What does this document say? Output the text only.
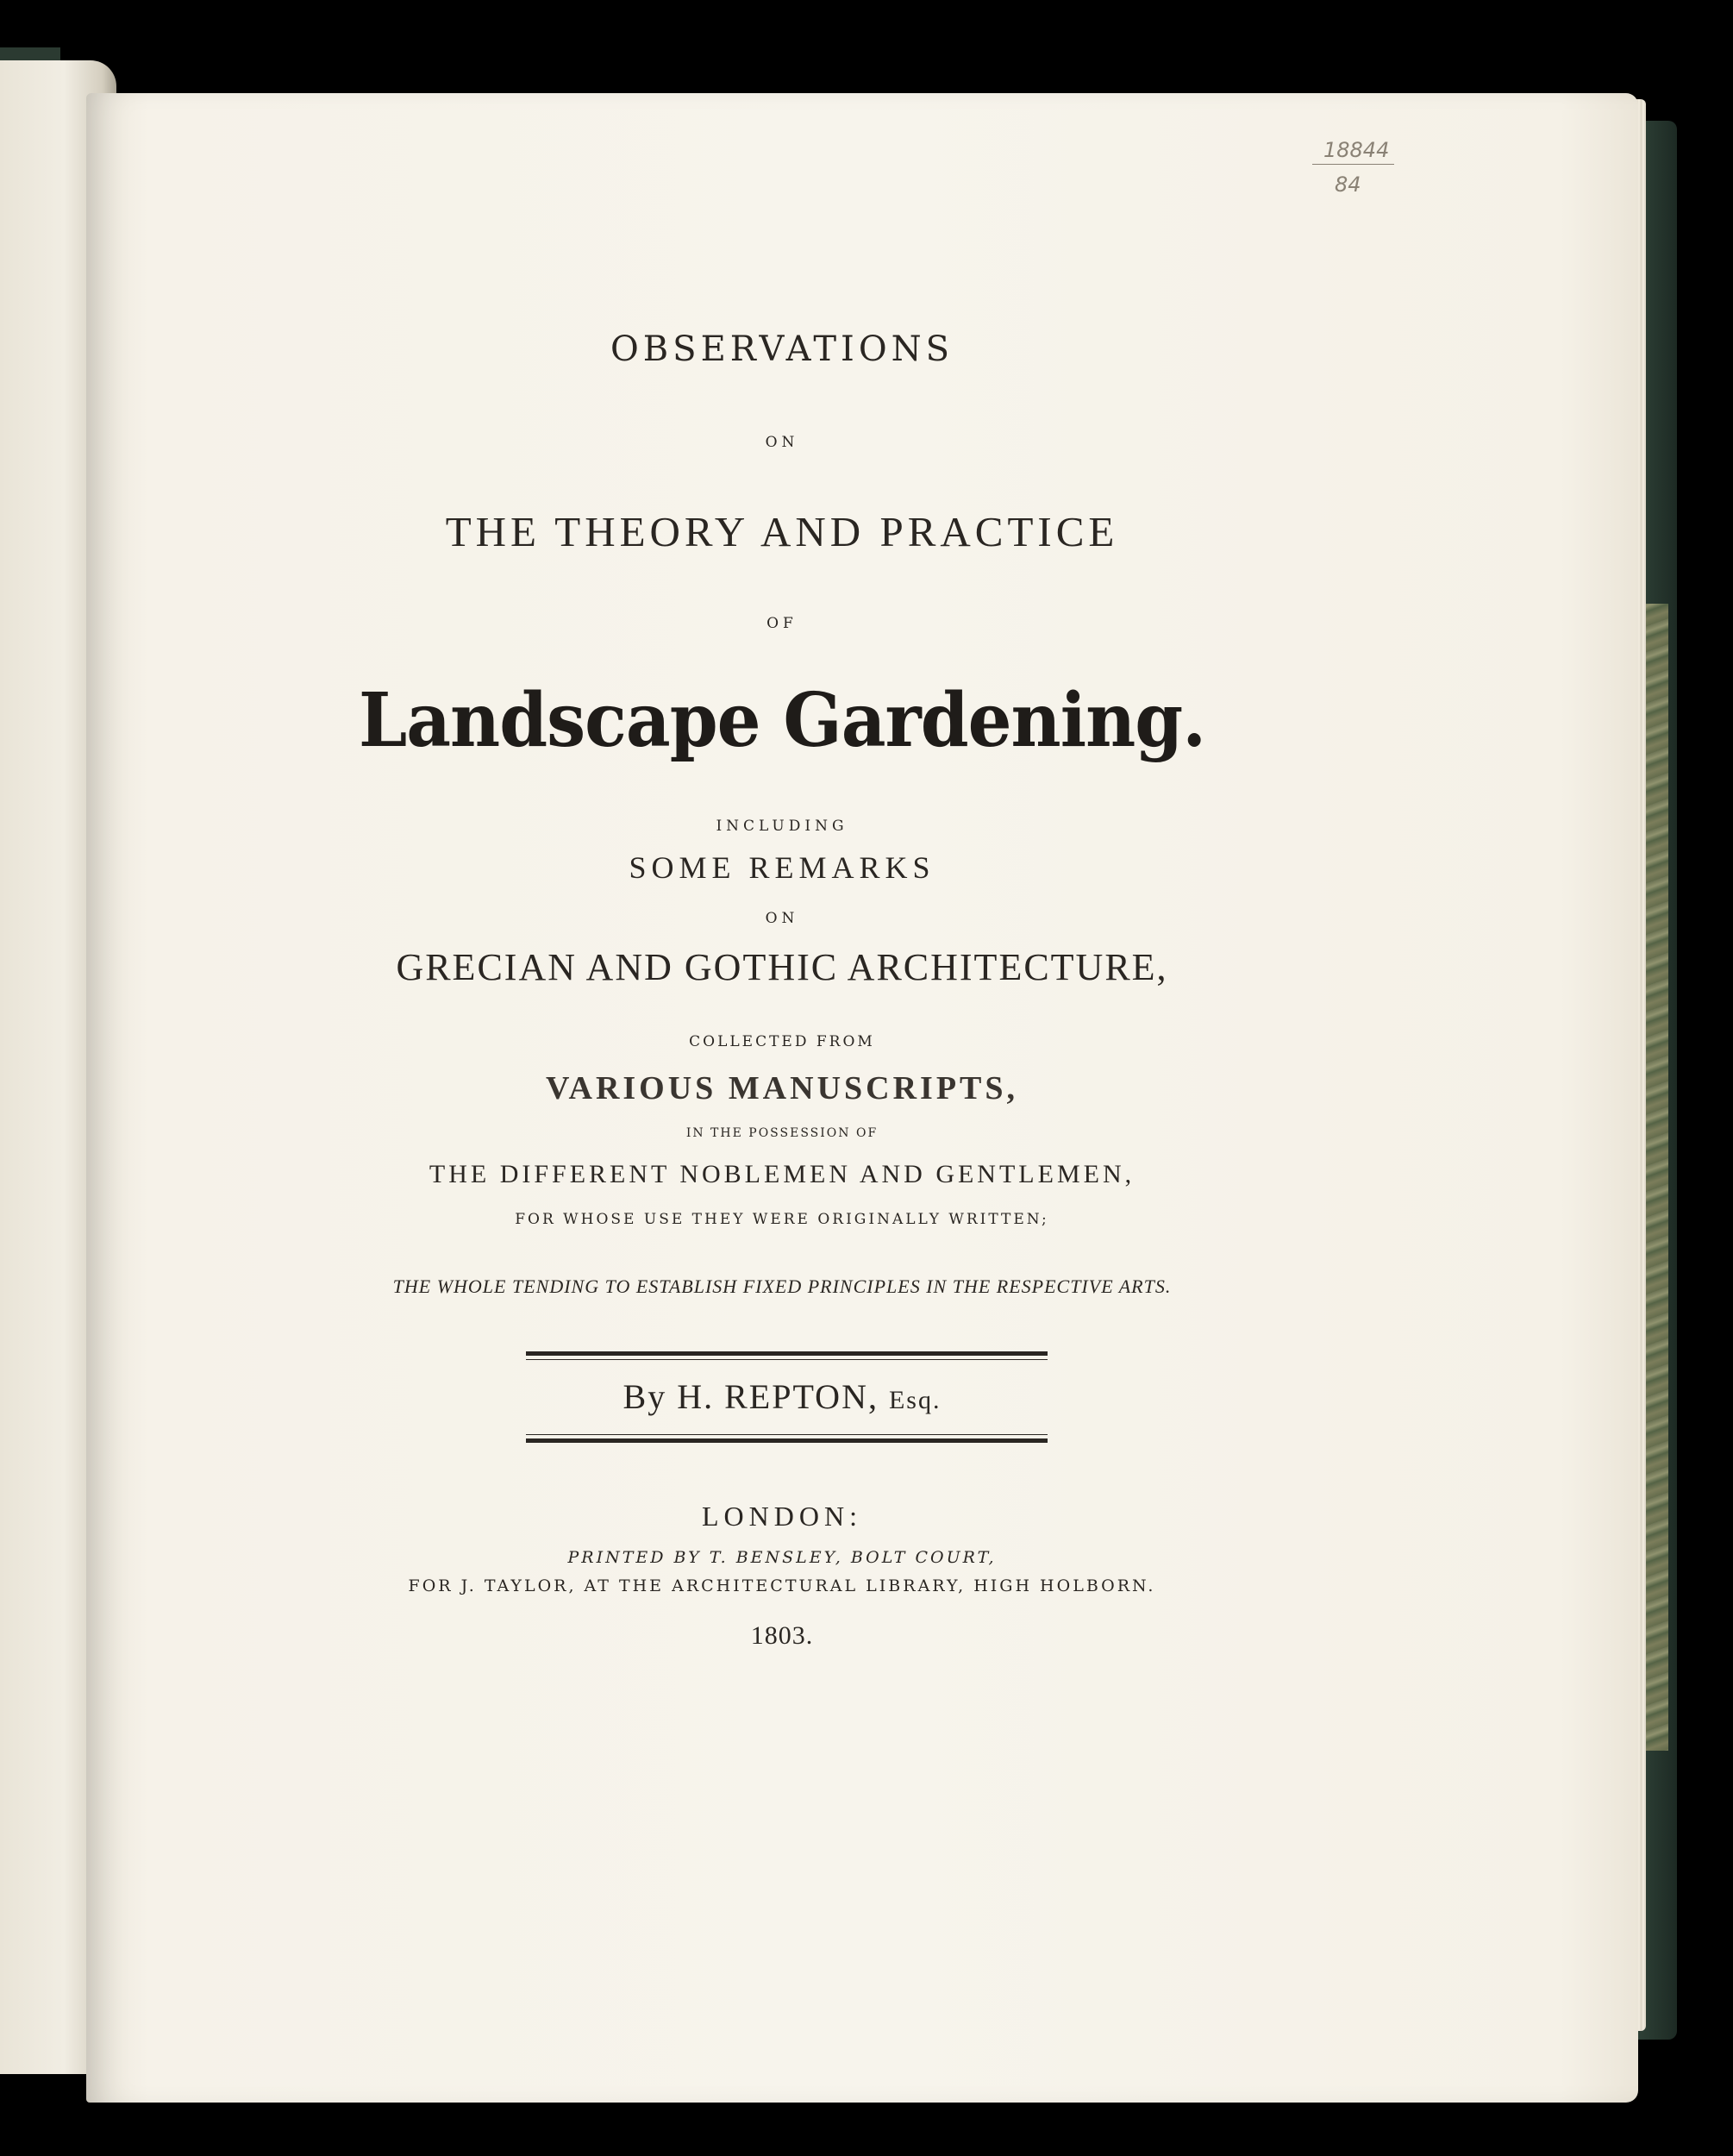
18844
84
OBSERVATIONS
ON
THE THEORY AND PRACTICE
OF
Landscape Gardening.
INCLUDING
SOME REMARKS
ON
GRECIAN AND GOTHIC ARCHITECTURE,
COLLECTED FROM
VARIOUS MANUSCRIPTS,
IN THE POSSESSION OF
THE DIFFERENT NOBLEMEN AND GENTLEMEN,
FOR WHOSE USE THEY WERE ORIGINALLY WRITTEN;
THE WHOLE TENDING TO ESTABLISH FIXED PRINCIPLES IN THE RESPECTIVE ARTS.
By H. REPTON, Esq.
LONDON:
PRINTED BY T. BENSLEY, BOLT COURT,
FOR J. TAYLOR, AT THE ARCHITECTURAL LIBRARY, HIGH HOLBORN.
1803.
